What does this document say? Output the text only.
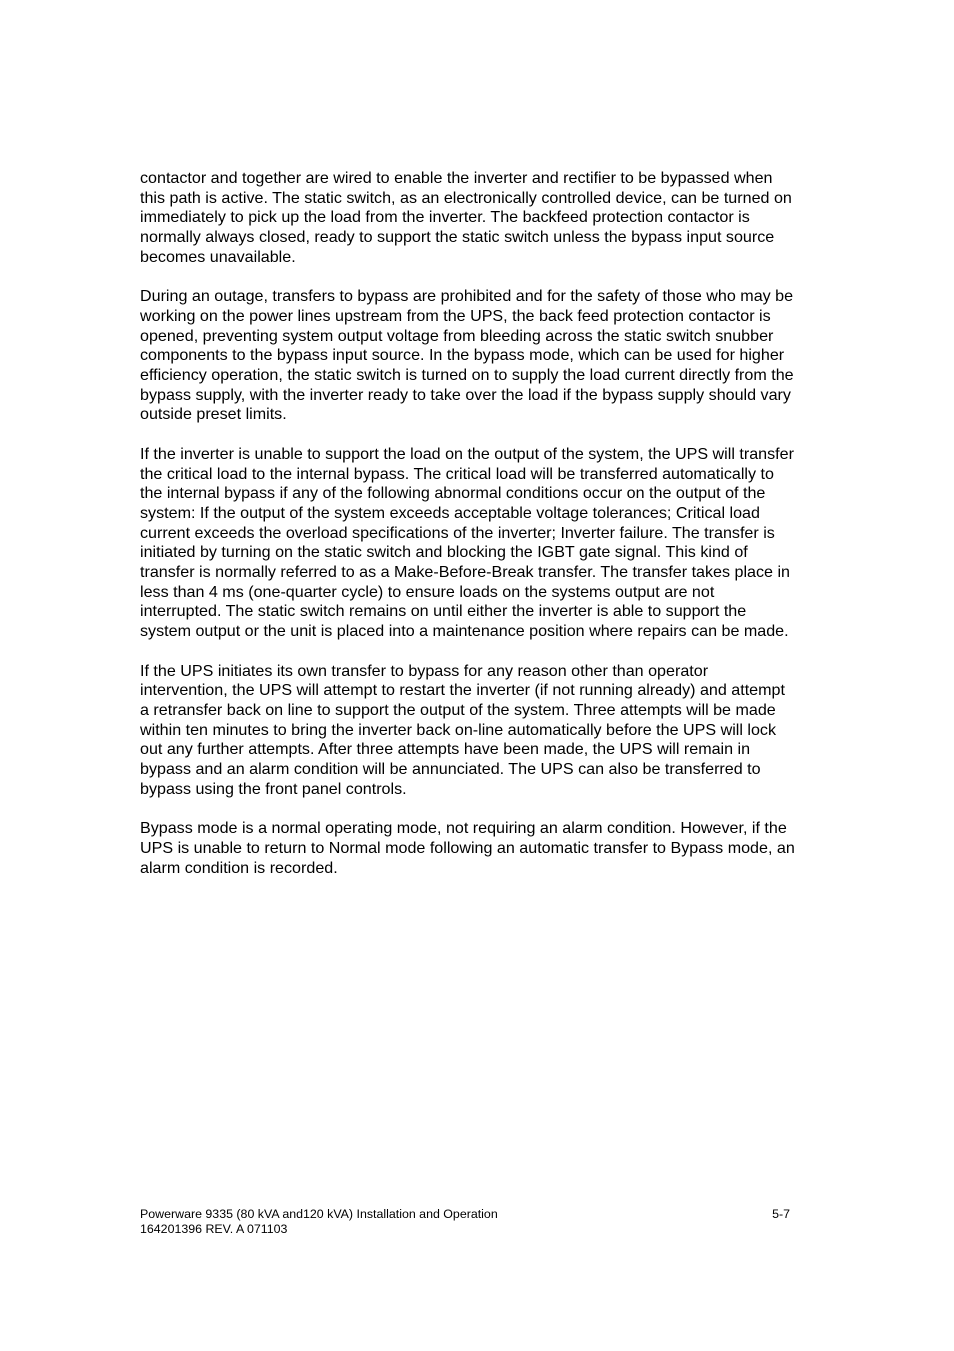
contactor and together are wired to enable the inverter and rectifier to be bypassed when
this path is active. The static switch, as an electronically controlled device, can be turned on
immediately to pick up the load from the inverter. The backfeed protection contactor is
normally always closed, ready to support the static switch unless the bypass input source
becomes unavailable.

During an outage, transfers to bypass are prohibited and for the safety of those who may be
working on the power lines upstream from the UPS, the back feed protection contactor is
opened, preventing system output voltage from bleeding across the static switch snubber
components to the bypass input source. In the bypass mode, which can be used for higher
efficiency operation, the static switch is turned on to supply the load current directly from the
bypass supply, with the inverter ready to take over the load if the bypass supply should vary
outside preset limits.

If the inverter is unable to support the load on the output of the system, the UPS will transfer
the critical load to the internal bypass. The critical load will be transferred automatically to
the internal bypass if any of the following abnormal conditions occur on the output of the
system: If the output of the system exceeds acceptable voltage tolerances; Critical load
current exceeds the overload specifications of the inverter; Inverter failure. The transfer is
initiated by turning on the static switch and blocking the IGBT gate signal. This kind of
transfer is normally referred to as a Make-Before-Break transfer. The transfer takes place in
less than 4 ms (one-quarter cycle) to ensure loads on the systems output are not
interrupted. The static switch remains on until either the inverter is able to support the
system output or the unit is placed into a maintenance position where repairs can be made.

If the UPS initiates its own transfer to bypass for any reason other than operator
intervention, the UPS will attempt to restart the inverter (if not running already) and attempt
a retransfer back on line to support the output of the system. Three attempts will be made
within ten minutes to bring the inverter back on-line automatically before the UPS will lock
out any further attempts. After three attempts have been made, the UPS will remain in
bypass and an alarm condition will be annunciated. The UPS can also be transferred to
bypass using the front panel controls.

Bypass mode is a normal operating mode, not requiring an alarm condition. However, if the
UPS is unable to return to Normal mode following an automatic transfer to Bypass mode, an
alarm condition is recorded.

Powerware 9335 (80 kVA and120 kVA) Installation and Operation	5-7
164201396 REV. A 071103
